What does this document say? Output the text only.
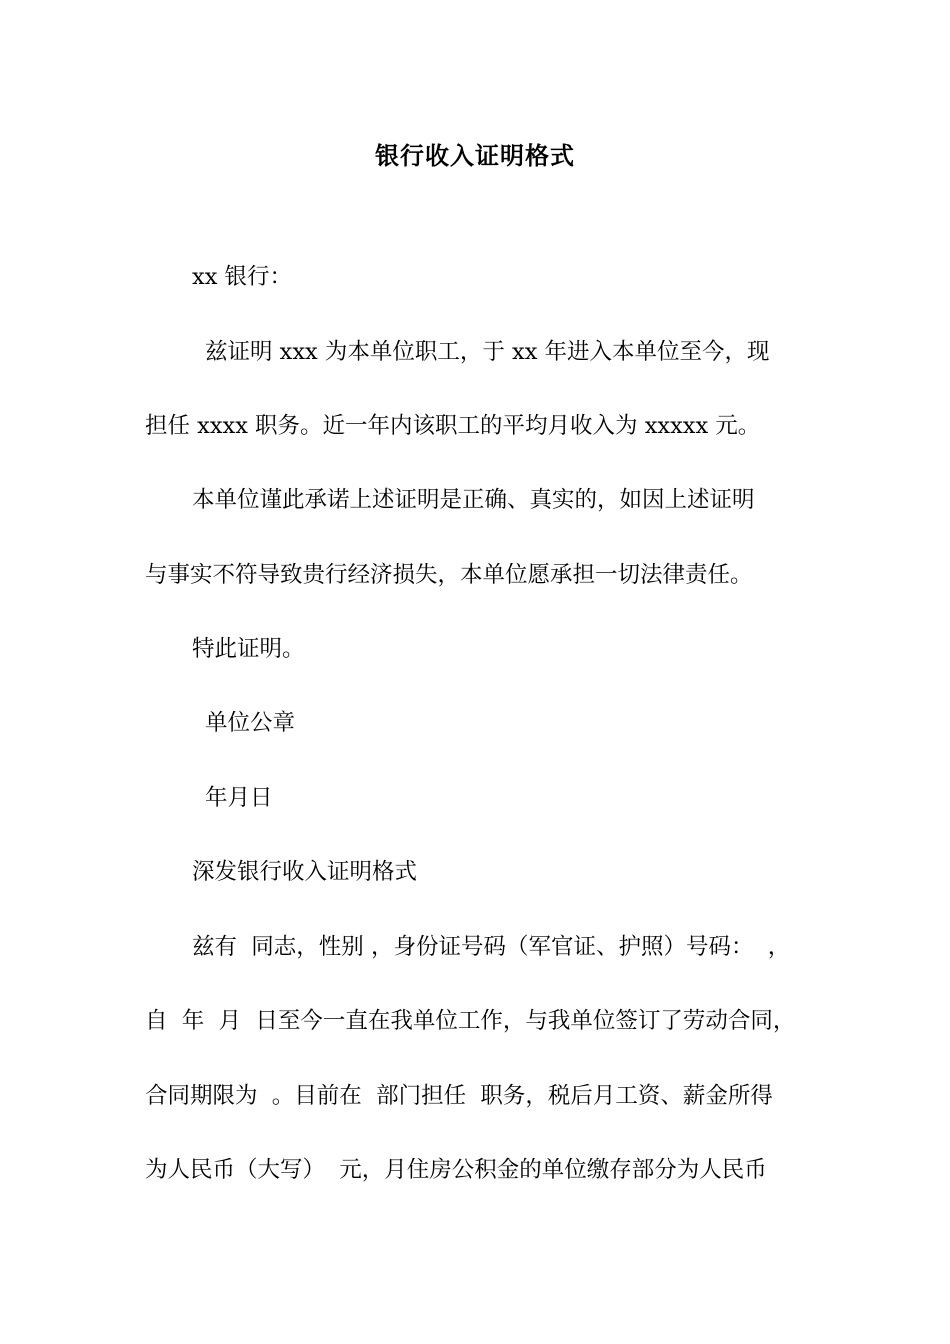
银行收入证明格式
xx 银行：
兹证明 xxx 为本单位职工，于 xx 年进入本单位至今，现
担任 xxxx 职务。近一年内该职工的平均月收入为 xxxxx 元。
本单位谨此承诺上述证明是正确、真实的，如因上述证明
与事实不符导致贵行经济损失，本单位愿承担一切法律责任。
特此证明。
单位公章
年月日
深发银行收入证明格式
兹有  同志，性别 ，身份证号码（军官证、护照）号码：  ，
自  年  月  日至今一直在我单位工作，与我单位签订了劳动合同，
合同期限为  。目前在  部门担任  职务，税后月工资、薪金所得
为人民币（大写）  元，月住房公积金的单位缴存部分为人民币
